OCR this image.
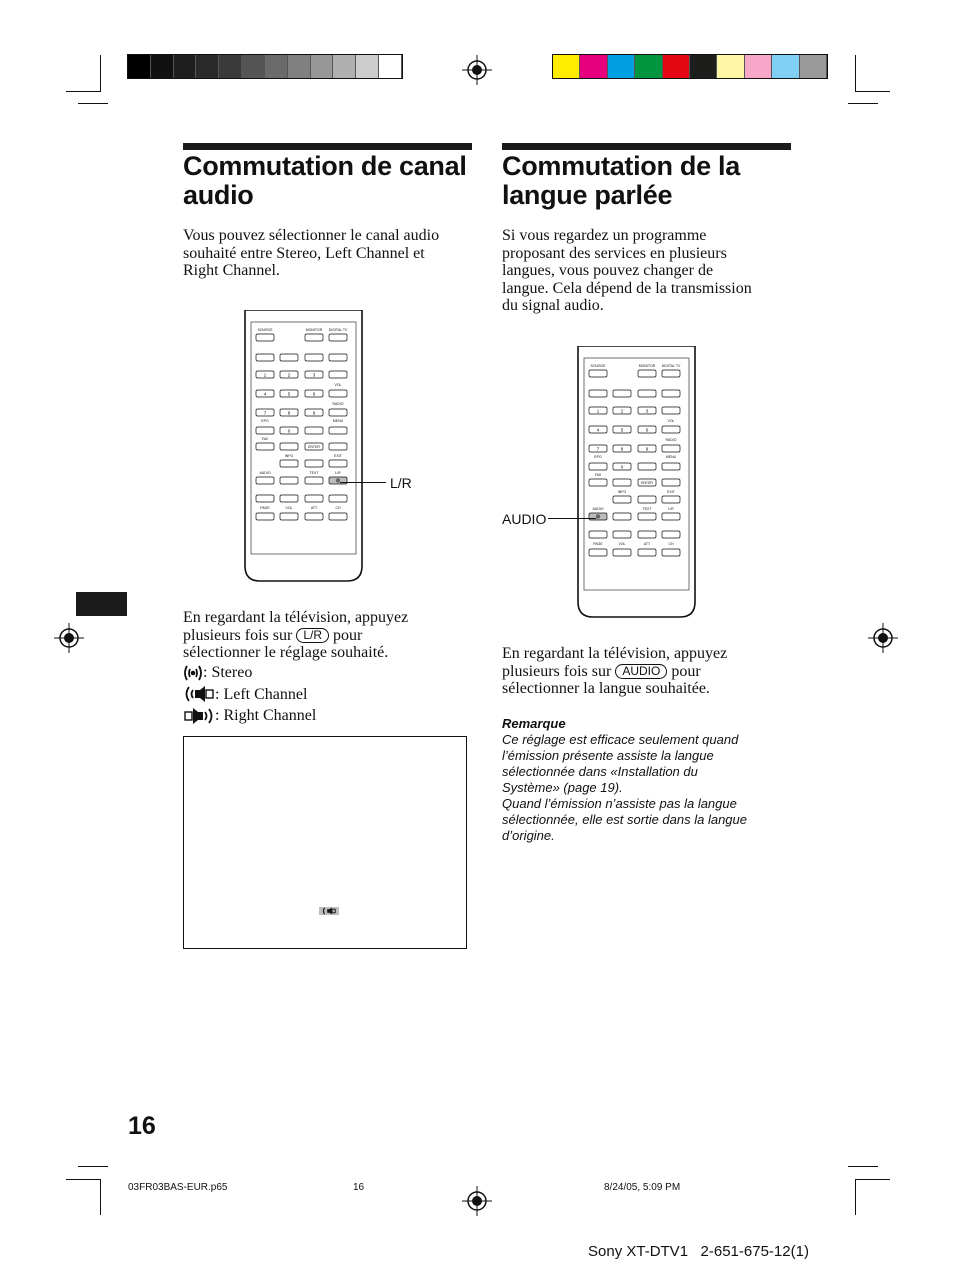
Commutation de canal
audio
Vous pouvez sélectionner le canal audio
souhaité entre Stereo, Left Channel et
Right Channel.
SOURCE	MONITOR DIGITAL TV
1	2	3
4	5	6
7	8	9
VOL
RADIO
EPG	MENU
0
FAV
ENTER
INFO	EXIT
AUDIO	TEXT	L/R
PAGE	VOL	ATT	CH
L/R
En regardant la télévision, appuyez
plusieurs fois sur L/R pour
sélectionner le réglage souhaité.
: Stereo
: Left Channel
: Right Channel
Commutation de la
langue parlée
Si vous regardez un programme
proposant des services en plusieurs
langues, vous pouvez changer de
langue. Cela dépend de la transmission
du signal audio.
SOURCE	MONITOR DIGITAL TV
1	2	3
4	5	6
7	8	9
VOL
RADIO
EPG	MENU
0
FAV
ENTER
INFO	EXIT
AUDIO	TEXT	L/R
PAGE	VOL	ATT	CH
AUDIO
En regardant la télévision, appuyez
plusieurs fois sur AUDIO pour
sélectionner la langue souhaitée.
Remarque
Ce réglage est efficace seulement quand
l’émission présente assiste la langue
sélectionnée dans «Installation du
Système» (page 19).
Quand l’émission n’assiste pas la langue
sélectionnée, elle est sortie dans la langue
d’origine.
16
03FR03BAS-EUR.p65	16	8/24/05, 5:09 PM
Sony XT-DTV1   2-651-675-12(1)
